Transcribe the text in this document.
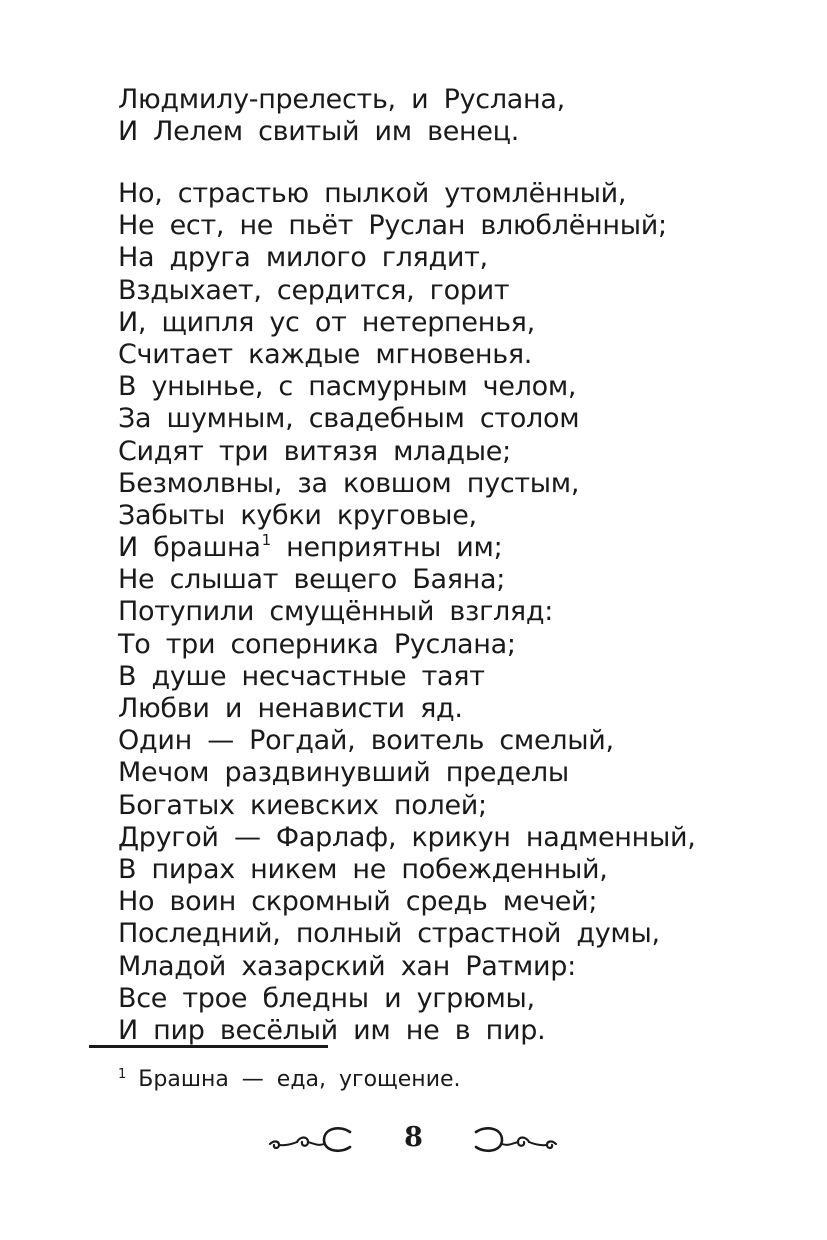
Людмилу-прелесть, и Руслана,
И Лелем свитый им венец.
Но, страстью пылкой утомлённый,
Не ест, не пьёт Руслан влюблённый;
На друга милого глядит,
Вздыхает, сердится, горит
И, щипля ус от нетерпенья,
Считает каждые мгновенья.
В унынье, с пасмурным челом,
За шумным, свадебным столом
Сидят три витязя младые;
Безмолвны, за ковшом пустым,
Забыты кубки круговые,
И брашна$^1$ неприятны им;
Не слышат вещего Баяна;
Потупили смущённый взгляд:
То три соперника Руслана;
В душе несчастные таят
Любви и ненависти яд.
Один — Рогдай, воитель смелый,
Мечом раздвинувший пределы
Богатых киевских полей;
Другой — Фарлаф, крикун надменный,
В пирах никем не побежденный,
Но воин скромный средь мечей;
Последний, полный страстной думы,
Младой хазарский хан Ратмир:
Все трое бледны и угрюмы,
И пир весёлый им не в пир.
$^1$ Брашна — еда, угощение.
8
